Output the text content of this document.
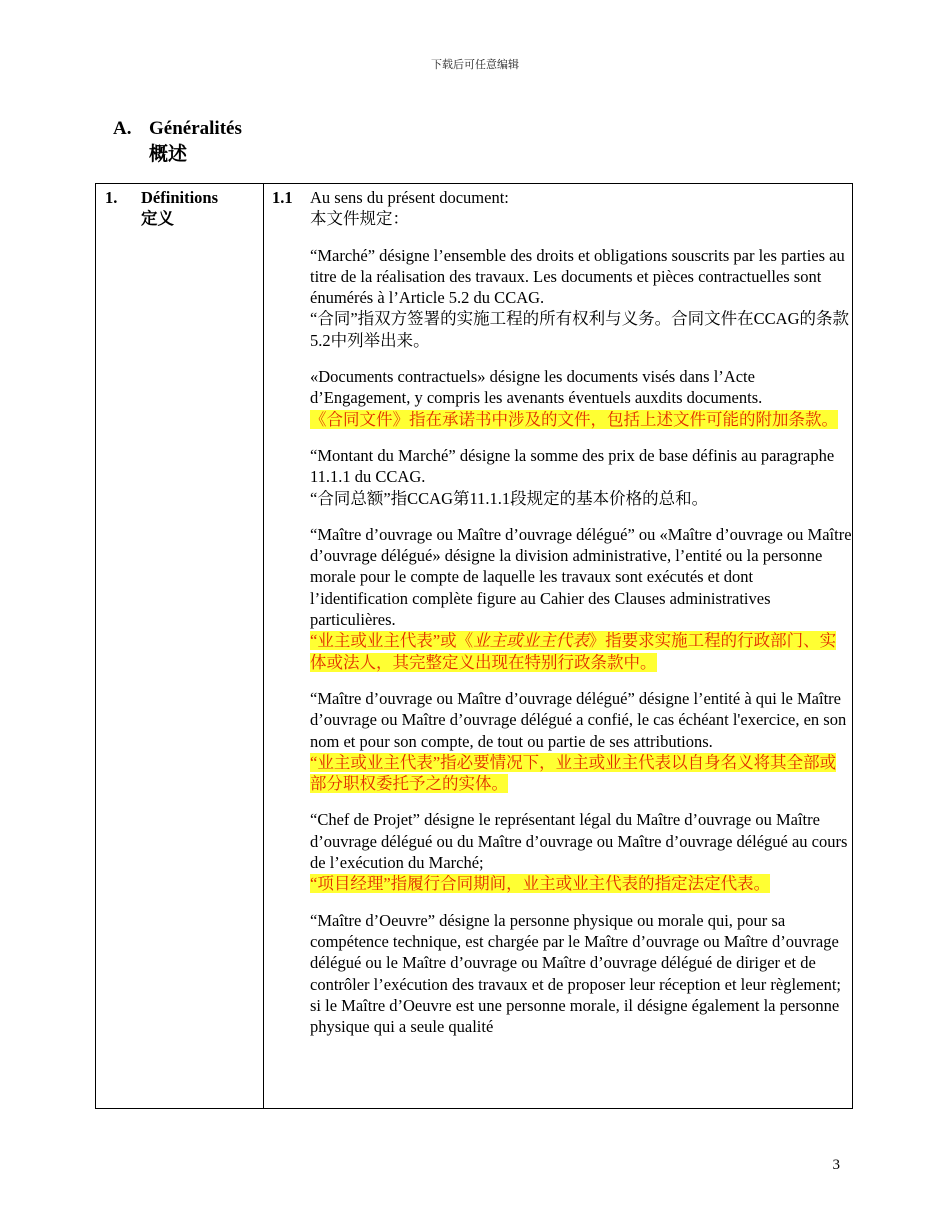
下载后可任意编辑
A. Généralités
概述
1. Définitions
定义

1.1 Au sens du présent document:
本文件规定：

“Marché” désigne l’ensemble des droits et obligations souscrits par les parties au titre de la réalisation des travaux. Les documents et pièces contractuelles sont énumérés à l’Article 5.2 du CCAG.
“合同”指双方签署的实施工程的所有权利与义务。合同文件在CCAG的条款5.2中列举出来。

«Documents contractuels» désigne les documents visés dans l’Acte d’Engagement, y compris les avenants éventuels auxdits documents.
《合同文件》指在承诺书中涉及的文件，包括上述文件可能的附加条款。

“Montant du Marché” désigne la somme des prix de base définis au paragraphe 11.1.1 du CCAG.
“合同总额”指CCAG第11.1.1段规定的基本价格的总和。

“Maître d’ouvrage ou Maître d’ouvrage délégué” ou «Maître d’ouvrage ou Maître d’ouvrage délégué» désigne la division administrative, l’entité ou la personne morale pour le compte de laquelle les travaux sont exécutés et dont l’identification complète figure au Cahier des Clauses administratives particulières.
“业主或业主代表”或《业主或业主代表》指要求实施工程的行政部门、实体或法人，其完整定义出现在特别行政条款中。

“Maître d’ouvrage ou Maître d’ouvrage délégué” désigne l’entité à qui le Maître d’ouvrage ou Maître d’ouvrage délégué a confié, le cas échéant l'exercice, en son nom et pour son compte, de tout ou partie de ses attributions.
“业主或业主代表”指必要情况下，业主或业主代表以自身名义将其全部或部分职权委托予之的实体。

“Chef de Projet” désigne le représentant légal du Maître d’ouvrage ou Maître d’ouvrage délégué ou du Maître d’ouvrage ou Maître d’ouvrage délégué au cours de l’exécution du Marché;
“项目经理”指履行合同期间，业主或业主代表的指定法定代表。

“Maître d’Oeuvre” désigne la personne physique ou morale qui, pour sa compétence technique, est chargée par le Maître d’ouvrage ou Maître d’ouvrage délégué ou le Maître d’ouvrage ou Maître d’ouvrage délégué de diriger et de contrôler l’exécution des travaux et de proposer leur réception et leur règlement; si le Maître d’Oeuvre est une personne morale, il désigne également la personne physique qui a seule qualité

3
